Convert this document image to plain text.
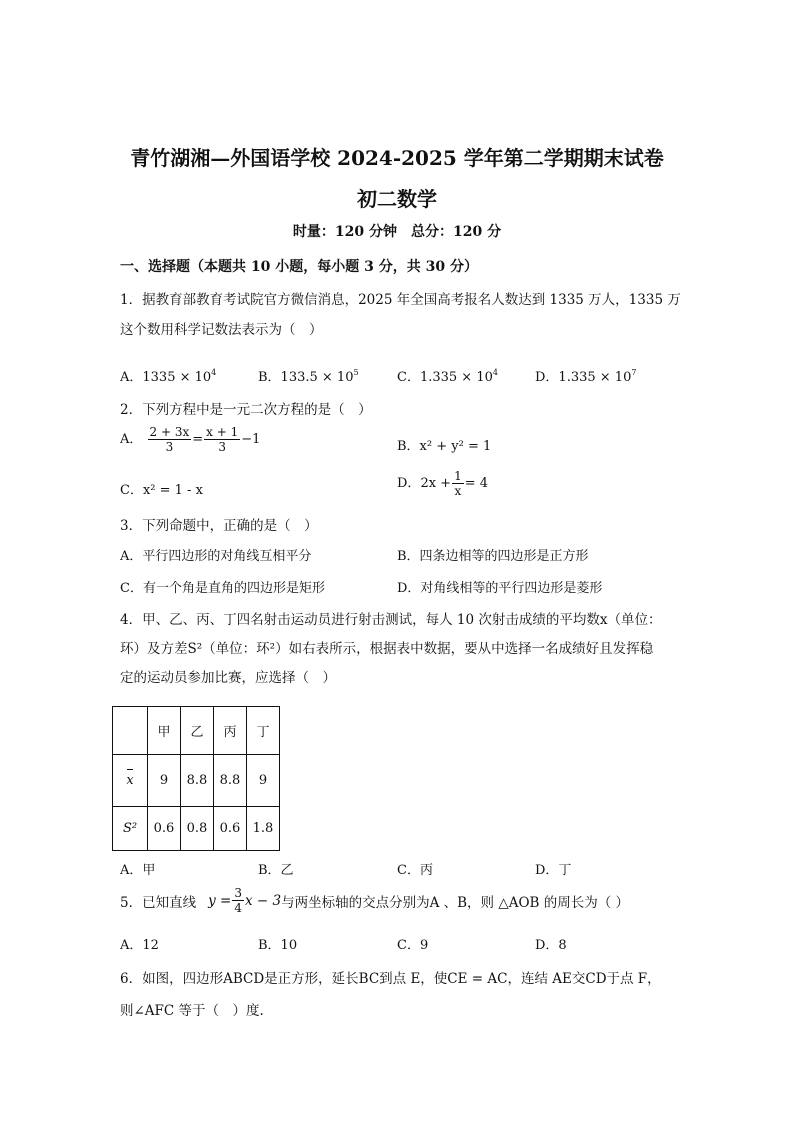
青竹湖湘—外国语学校 2024-2025 学年第二学期期末试卷
初二数学
时量：120 分钟　总分：120 分
一、选择题（本题共 10 小题，每小题 3 分，共 30 分）
1．据教育部教育考试院官方微信消息，2025 年全国高考报名人数达到 1335 万人，1335 万
这个数用科学记数法表示为（　）
A．$1335 \times 10^4$	B．$133.5 \times 10^5$	C．$1.335 \times 10^4$	D．$1.335 \times 10^7$
2．下列方程中是一元二次方程的是（　）
A． $\frac{2 + 3x}{3} = \frac{x + 1}{3} -1$	B．x² + y² = 1
C．x² = 1 - x	D．$2x + \frac{1}{x} = 4$
3．下列命题中，正确的是（　）
A．平行四边形的对角线互相平分	B．四条边相等的四边形是正方形
C．有一个角是直角的四边形是矩形	D．对角线相等的平行四边形是菱形
4．甲、乙、丙、丁四名射击运动员进行射击测试，每人 10 次射击成绩的平均数x（单位：
环）及方差S²（单位：环²）如右表所示，根据表中数据，要从中选择一名成绩好且发挥稳
定的运动员参加比赛，应选择（　）
	甲	乙	丙	丁
x	9	8.8	8.8	9
S²	0.6	0.8	0.6	1.8
A．甲	B．乙	C．丙	D．丁
5．已知直线 $y = \frac{3}{4}$ x − 3 与两坐标轴的交点分别为A 、B，则 △AOB 的周长为（ ）
A．12	B．10	C．9	D．8
6．如图，四边形ABCD是正方形，延长BC到点 E，使CE = AC，连结 AE交CD于点 F，
则∠AFC 等于（　）度.
